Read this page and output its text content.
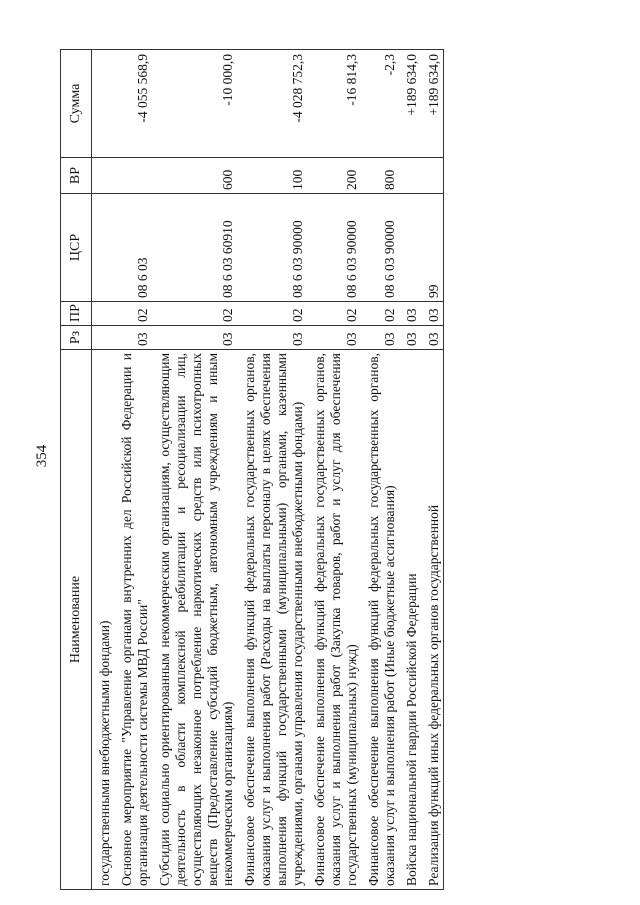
354
Наименование	Рз	ПР	ЦСР	ВР	Сумма
государственными внебюджетными фондами)					
Основное мероприятие "Управление органами внутренних дел Российской Федерации и организация деятельности системы МВД России"	03	02	08 6 03		-4 055 568,9
Субсидии социально ориентированным некоммерческим организациям, осуществляющим деятельность в области комплексной реабилитации и ресоциализации лиц, осуществляющих незаконное потребление наркотических средств или психотропных веществ (Предоставление субсидий бюджетным, автономным учреждениям и иным некоммерческим организациям)	03	02	08 6 03 60910	600	-10 000,0
Финансовое обеспечение выполнения функций федеральных государственных органов, оказания услуг и выполнения работ (Расходы на выплаты персоналу в целях обеспечения выполнения функций государственными (муниципальными) органами, казенными учреждениями, органами управления государственными внебюджетными фондами)	03	02	08 6 03 90000	100	-4 028 752,3
Финансовое обеспечение выполнения функций федеральных государственных органов, оказания услуг и выполнения работ (Закупка товаров, работ и услуг для обеспечения государственных (муниципальных) нужд)	03	02	08 6 03 90000	200	-16 814,3
Финансовое обеспечение выполнения функций федеральных государственных органов, оказания услуг и выполнения работ (Иные бюджетные ассигнования)	03	02	08 6 03 90000	800	-2,3
Войска национальной гвардии Российской Федерации	03	03			+189 634,0
Реализация функций иных федеральных органов государственной	03	03	99		+189 634,0
